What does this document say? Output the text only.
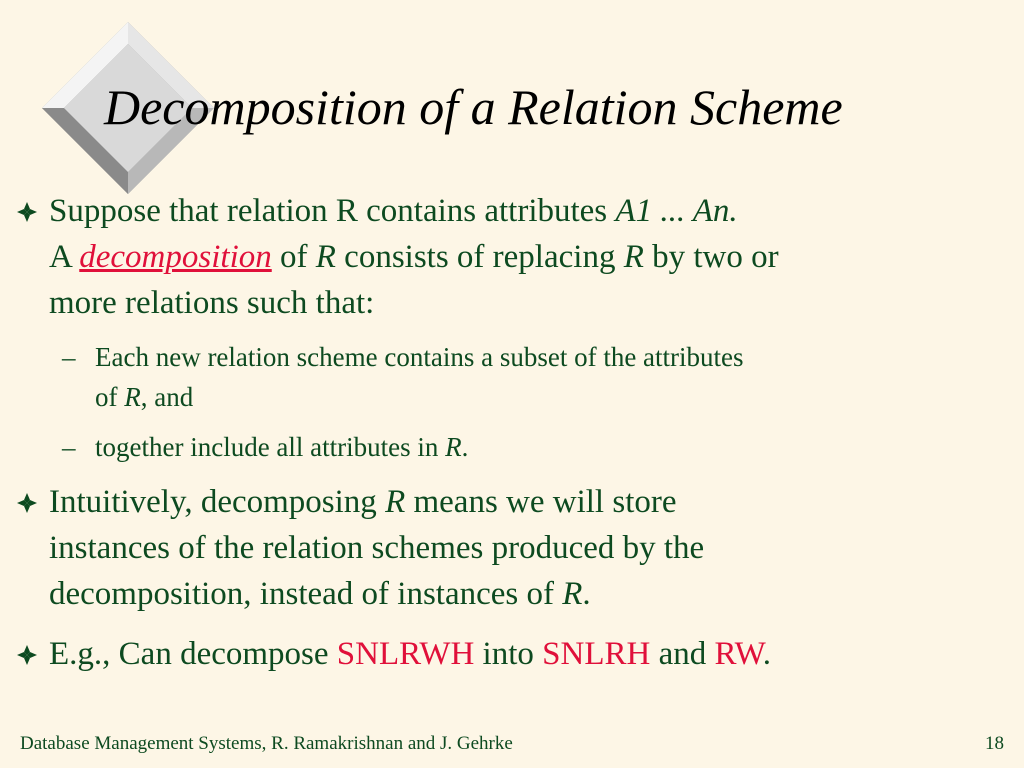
Decomposition of a Relation Scheme
Suppose that relation R contains attributes A1 ... An.
A decomposition of R consists of replacing R by two or
more relations such that:
– Each new relation scheme contains a subset of the attributes
of R, and
– together include all attributes in R.
Intuitively, decomposing R means we will store
instances of the relation schemes produced by the
decomposition, instead of instances of R.
E.g., Can decompose SNLRWH into SNLRH and RW.
Database Management Systems, R. Ramakrishnan and J. Gehrke	18
